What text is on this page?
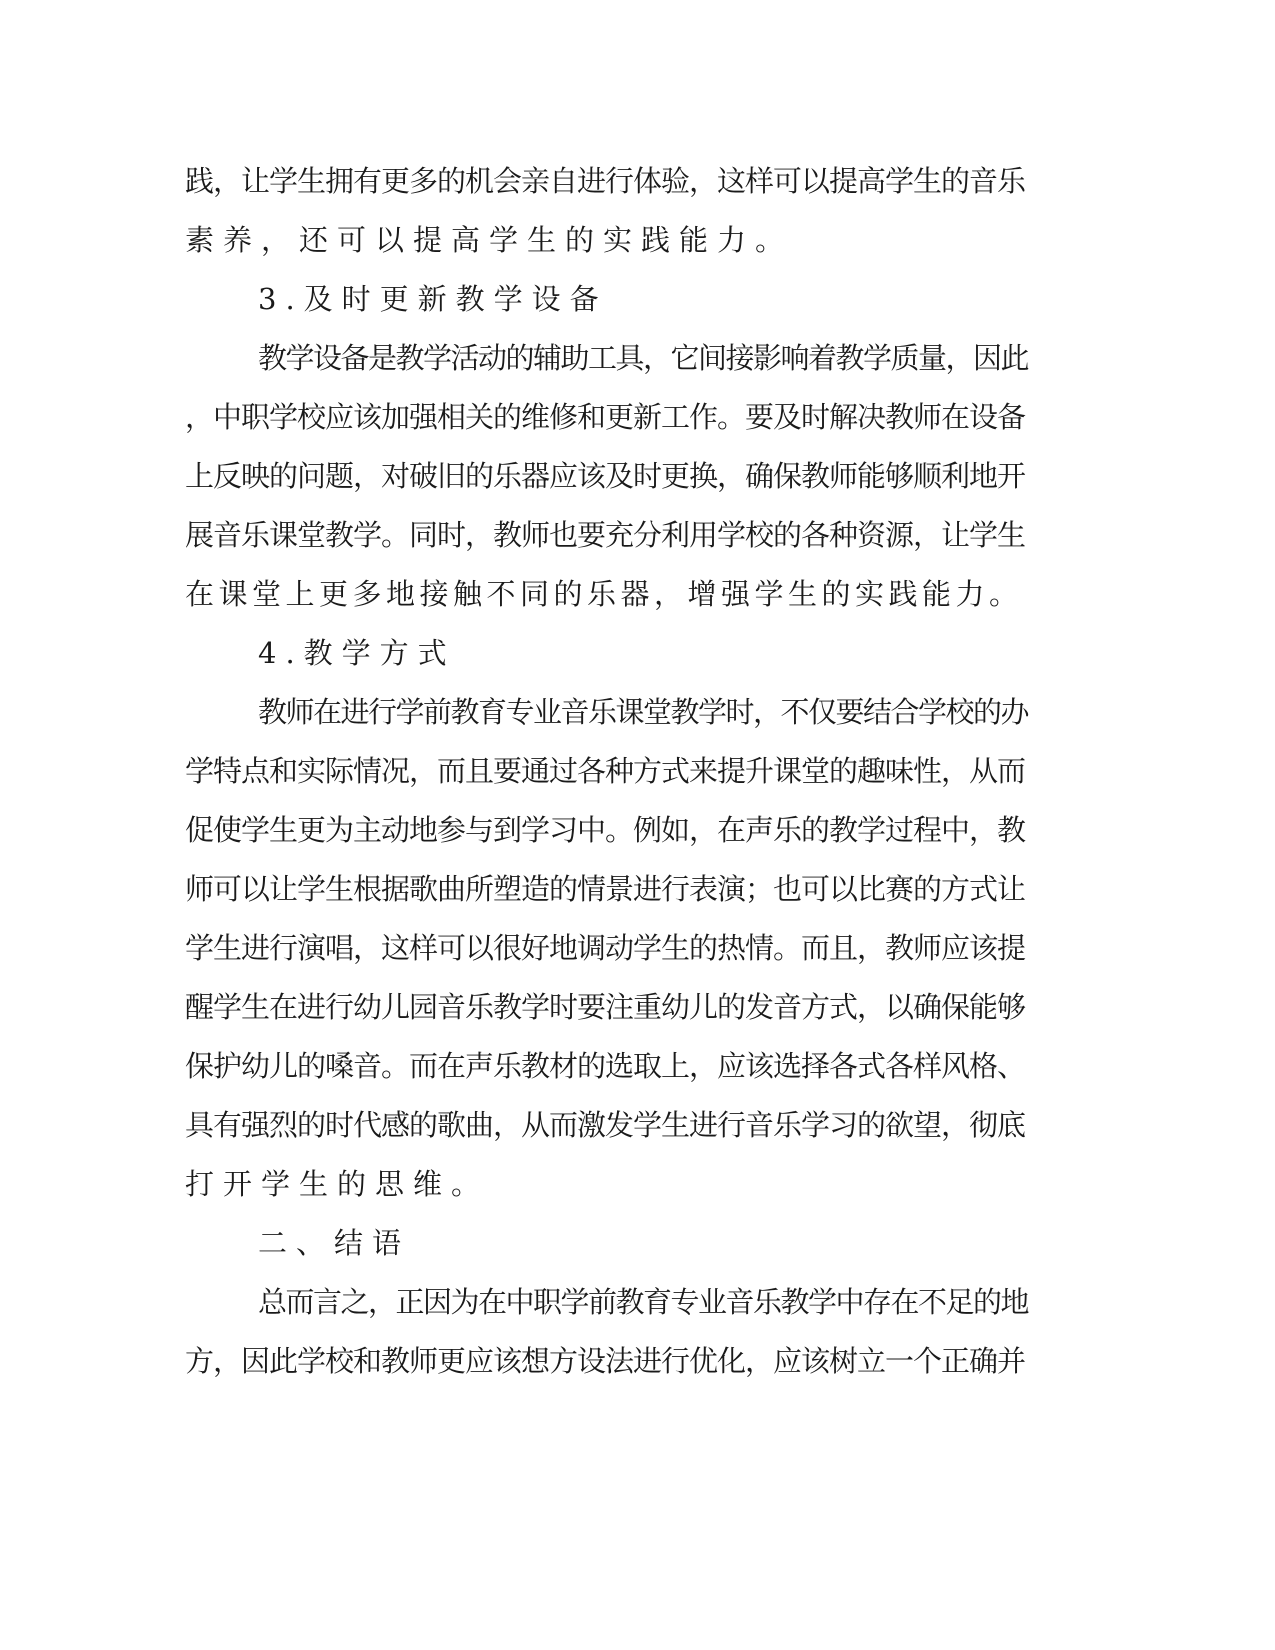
践，让学生拥有更多的机会亲自进行体验，这样可以提高学生的音乐

素养，还可以提高学生的实践能力。

3.及时更新教学设备

教学设备是教学活动的辅助工具，它间接影响着教学质量，因此

，中职学校应该加强相关的维修和更新工作。要及时解决教师在设备

上反映的问题，对破旧的乐器应该及时更换，确保教师能够顺利地开

展音乐课堂教学。同时，教师也要充分利用学校的各种资源，让学生

在课堂上更多地接触不同的乐器，增强学生的实践能力。

4.教学方式

教师在进行学前教育专业音乐课堂教学时，不仅要结合学校的办

学特点和实际情况，而且要通过各种方式来提升课堂的趣味性，从而

促使学生更为主动地参与到学习中。例如，在声乐的教学过程中，教

师可以让学生根据歌曲所塑造的情景进行表演；也可以比赛的方式让

学生进行演唱，这样可以很好地调动学生的热情。而且，教师应该提

醒学生在进行幼儿园音乐教学时要注重幼儿的发音方式，以确保能够

保护幼儿的嗓音。而在声乐教材的选取上，应该选择各式各样风格、

具有强烈的时代感的歌曲，从而激发学生进行音乐学习的欲望，彻底

打开学生的思维。

二、结语

总而言之，正因为在中职学前教育专业音乐教学中存在不足的地

方，因此学校和教师更应该想方设法进行优化，应该树立一个正确并
